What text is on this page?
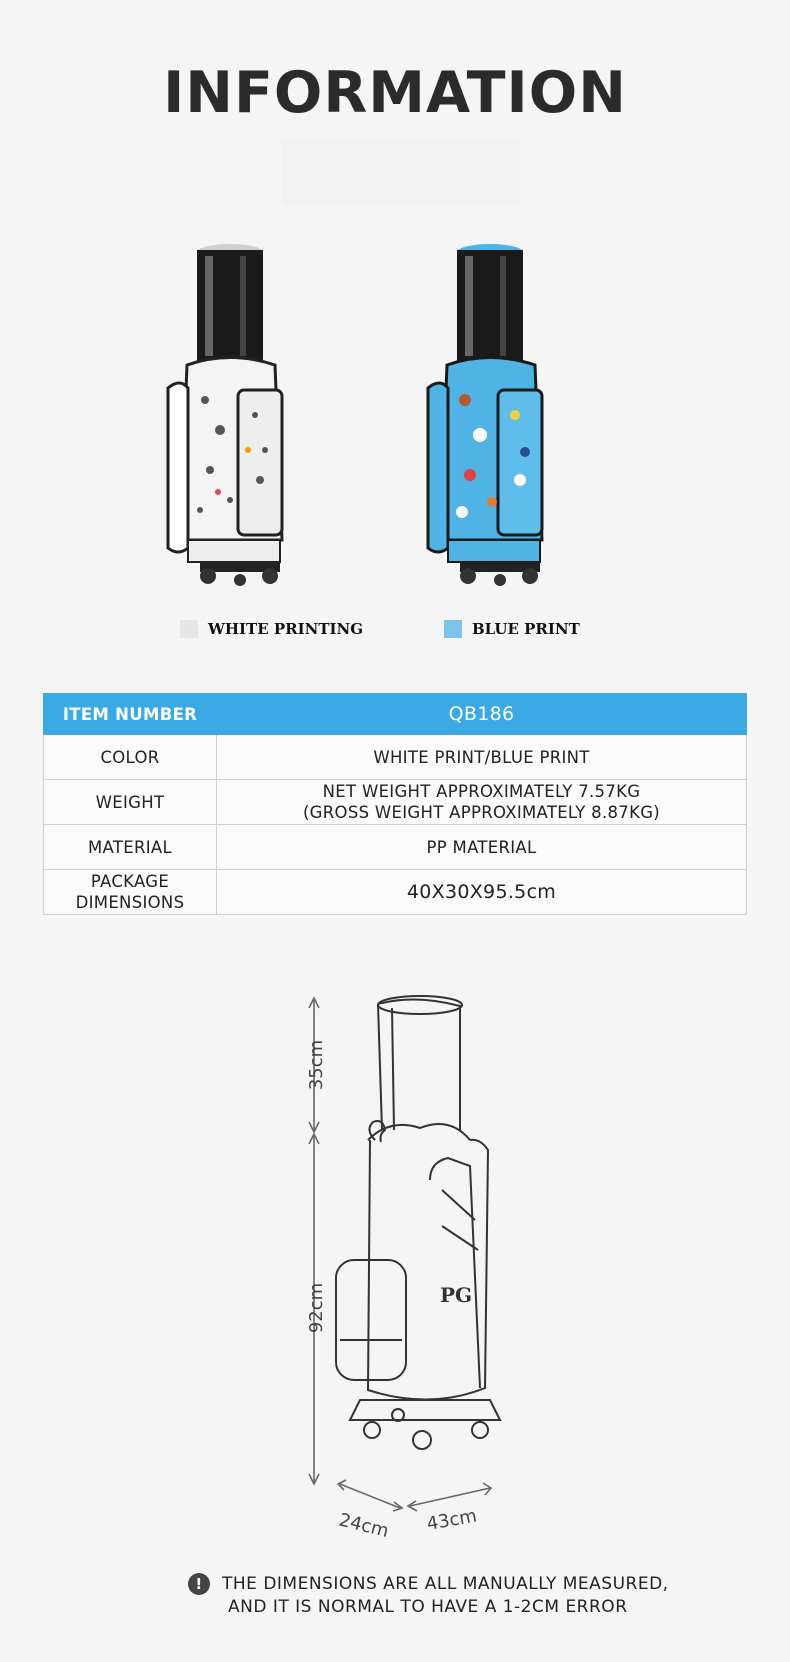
INFORMATION
WHITE PRINTING	BLUE PRINT
ITEM NUMBER	QB186
COLOR	WHITE PRINT/BLUE PRINT
WEIGHT	NET WEIGHT APPROXIMATELY 7.57KG
(GROSS WEIGHT APPROXIMATELY 8.87KG)

MATERIAL	PP MATERIAL

PACKAGE
DIMENSIONS	40X30X95.5cm
35cm
92cm
24cm 43cm
PG
!	THE DIMENSIONS ARE ALL MANUALLY MEASURED,
AND IT IS NORMAL TO HAVE A 1-2CM ERROR
